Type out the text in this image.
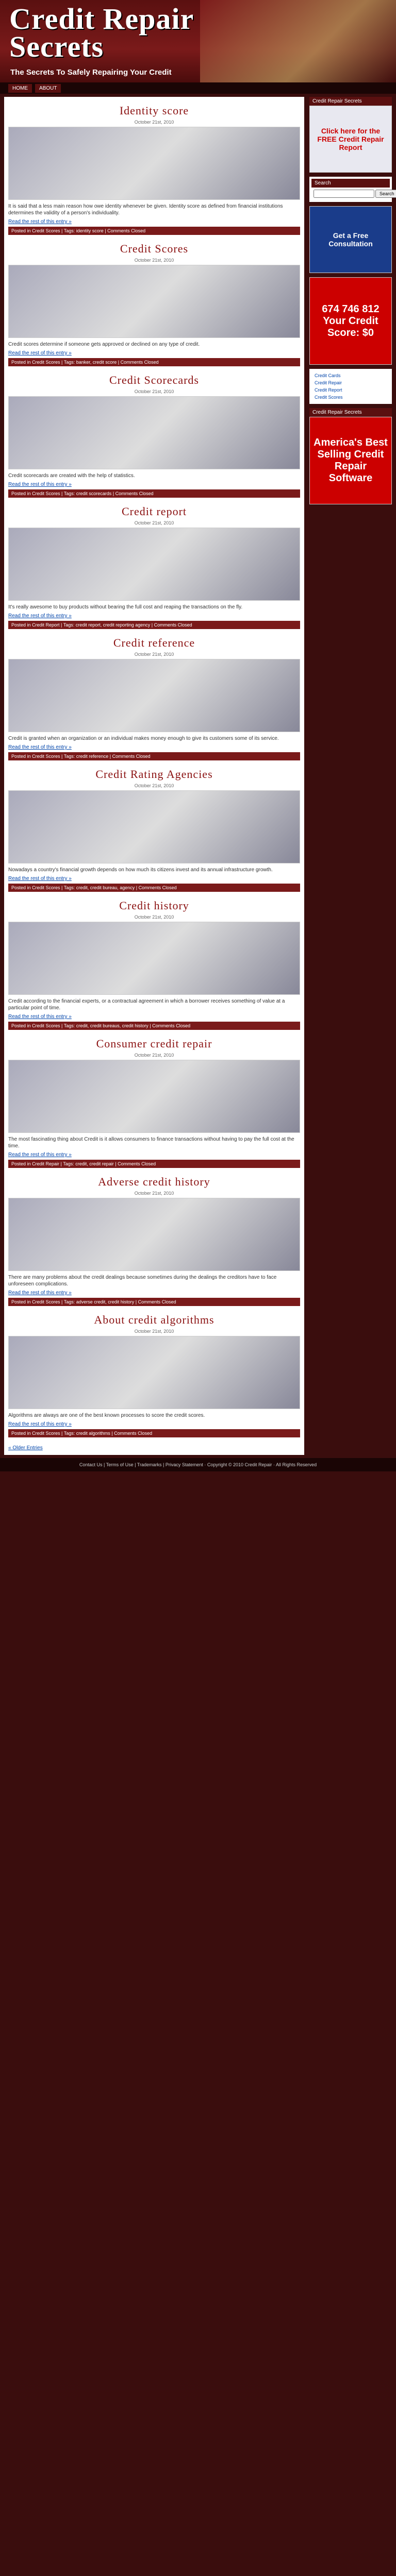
Credit Repair
Secrets
The Secrets To Safely Repairing Your Credit
HOME	ABOUT
Identity score
October 21st, 2010

It is said that a less main reason how owe identity whenever be given. Identity score as defined from financial institutions determines the validity of a person's individuality.

Read the rest of this entry »
Posted in Credit Scores | Tags: identity score | Comments Closed
Credit Scores
October 21st, 2010

Credit scores determine if someone gets approved or declined on any type of credit.

Read the rest of this entry »
Posted in Credit Scores | Tags: banker, credit score | Comments Closed
Credit Scorecards
October 21st, 2010

Credit scorecards are created with the help of statistics.

Read the rest of this entry »
Posted in Credit Scores | Tags: credit scorecards | Comments Closed
Credit report
October 21st, 2010

It's really awesome to buy products without bearing the full cost and reaping the transactions on the fly.

Read the rest of this entry »
Posted in Credit Report | Tags: credit report, credit reporting agency | Comments Closed
Credit reference
October 21st, 2010

Credit is granted when an organization or an individual makes money enough to give its customers some of its service.

Read the rest of this entry »
Posted in Credit Scores | Tags: credit reference | Comments Closed
Credit Rating Agencies
October 21st, 2010

Nowadays a country's financial growth depends on how much its citizens invest and its annual infrastructure growth.

Read the rest of this entry »
Posted in Credit Scores | Tags: credit, credit bureau, agency | Comments Closed
Credit history
October 21st, 2010

Credit according to the financial experts, or a contractual agreement in which a borrower receives something of value at a particular point of time.

Read the rest of this entry »
Posted in Credit Scores | Tags: credit, credit bureaus, credit history | Comments Closed
Consumer credit repair
October 21st, 2010

The most fascinating thing about Credit is it allows consumers to finance transactions without having to pay the full cost at the time.

Read the rest of this entry »
Posted in Credit Repair | Tags: credit, credit repair | Comments Closed
Adverse credit history
October 21st, 2010

There are many problems about the credit dealings because sometimes during the dealings the creditors have to face unforeseen complications.

Read the rest of this entry »
Posted in Credit Scores | Tags: adverse credit, credit history | Comments Closed
About credit algorithms
October 21st, 2010

Algorithms are always are one of the best known processes to score the credit scores.

Read the rest of this entry »
Posted in Credit Scores | Tags: credit algorithms | Comments Closed
« Older Entries
Credit Repair Secrets
Click here for the FREE Credit Repair Report
Search
Search
Get a Free Consultation
674 746 812 Your Credit Score: $0
Credit Cards
Credit Repair
Credit Report
Credit Scores
Credit Repair Secrets
America's Best Selling Credit Repair Software
Contact Us | Terms of Use | Trademarks | Privacy Statement · Copyright © 2010 Credit Repair · All Rights Reserved
